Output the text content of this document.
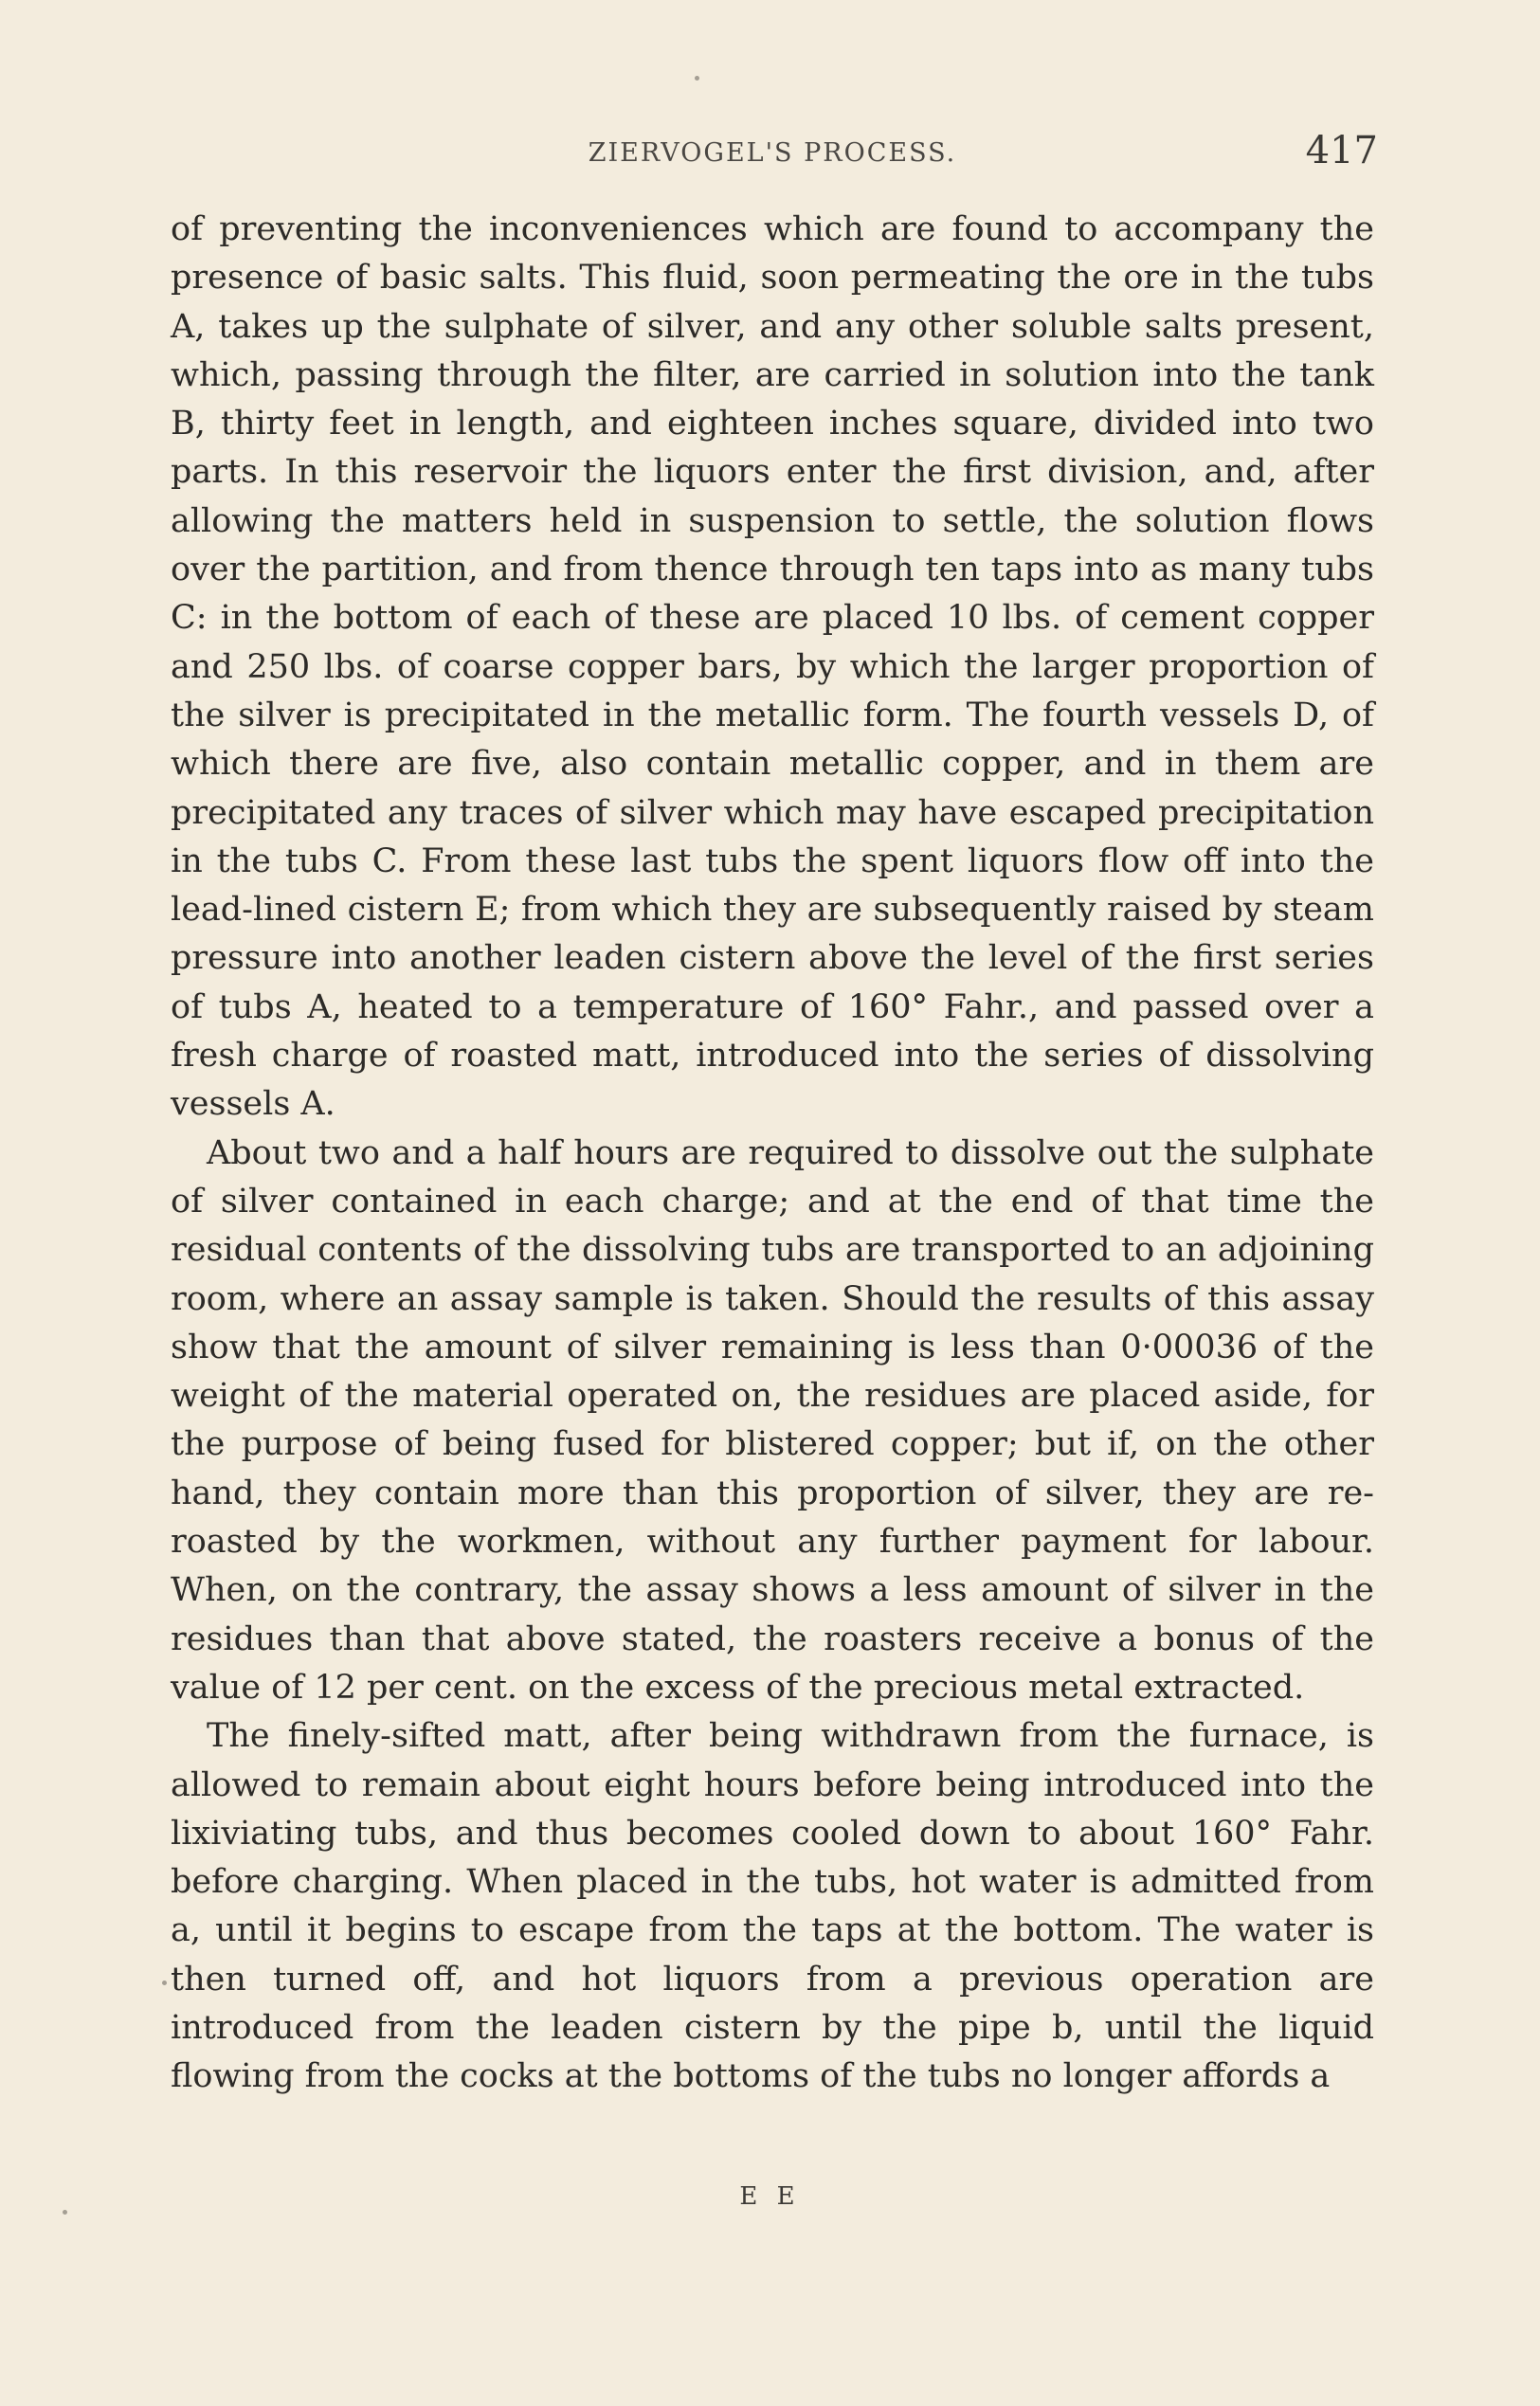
ZIERVOGEL'S PROCESS.	417

of preventing the inconveniences which are found to accompany the presence of basic salts. This fluid, soon permeating the ore in the tubs A, takes up the sulphate of silver, and any other soluble salts present, which, passing through the filter, are carried in solution into the tank B, thirty feet in length, and eighteen inches square, divided into two parts. In this reservoir the liquors enter the first division, and, after allowing the matters held in suspension to settle, the solution flows over the partition, and from thence through ten taps into as many tubs C: in the bottom of each of these are placed 10 lbs. of cement copper and 250 lbs. of coarse copper bars, by which the larger proportion of the silver is precipitated in the metallic form. The fourth vessels D, of which there are five, also contain metallic copper, and in them are precipitated any traces of silver which may have escaped precipitation in the tubs C. From these last tubs the spent liquors flow off into the lead-lined cistern E; from which they are subsequently raised by steam pressure into another leaden cistern above the level of the first series of tubs A, heated to a temperature of 160° Fahr., and passed over a fresh charge of roasted matt, introduced into the series of dissolving vessels A.

About two and a half hours are required to dissolve out the sulphate of silver contained in each charge; and at the end of that time the residual contents of the dissolving tubs are transported to an adjoining room, where an assay sample is taken. Should the results of this assay show that the amount of silver remaining is less than 0·00036 of the weight of the material operated on, the residues are placed aside, for the purpose of being fused for blistered copper; but if, on the other hand, they contain more than this proportion of silver, they are re-roasted by the workmen, without any further payment for labour. When, on the contrary, the assay shows a less amount of silver in the residues than that above stated, the roasters receive a bonus of the value of 12 per cent. on the excess of the precious metal extracted.

The finely-sifted matt, after being withdrawn from the furnace, is allowed to remain about eight hours before being introduced into the lixiviating tubs, and thus becomes cooled down to about 160° Fahr. before charging. When placed in the tubs, hot water is admitted from a, until it begins to escape from the taps at the bottom. The water is then turned off, and hot liquors from a previous operation are introduced from the leaden cistern by the pipe b, until the liquid flowing from the cocks at the bottoms of the tubs no longer affords a

E E
